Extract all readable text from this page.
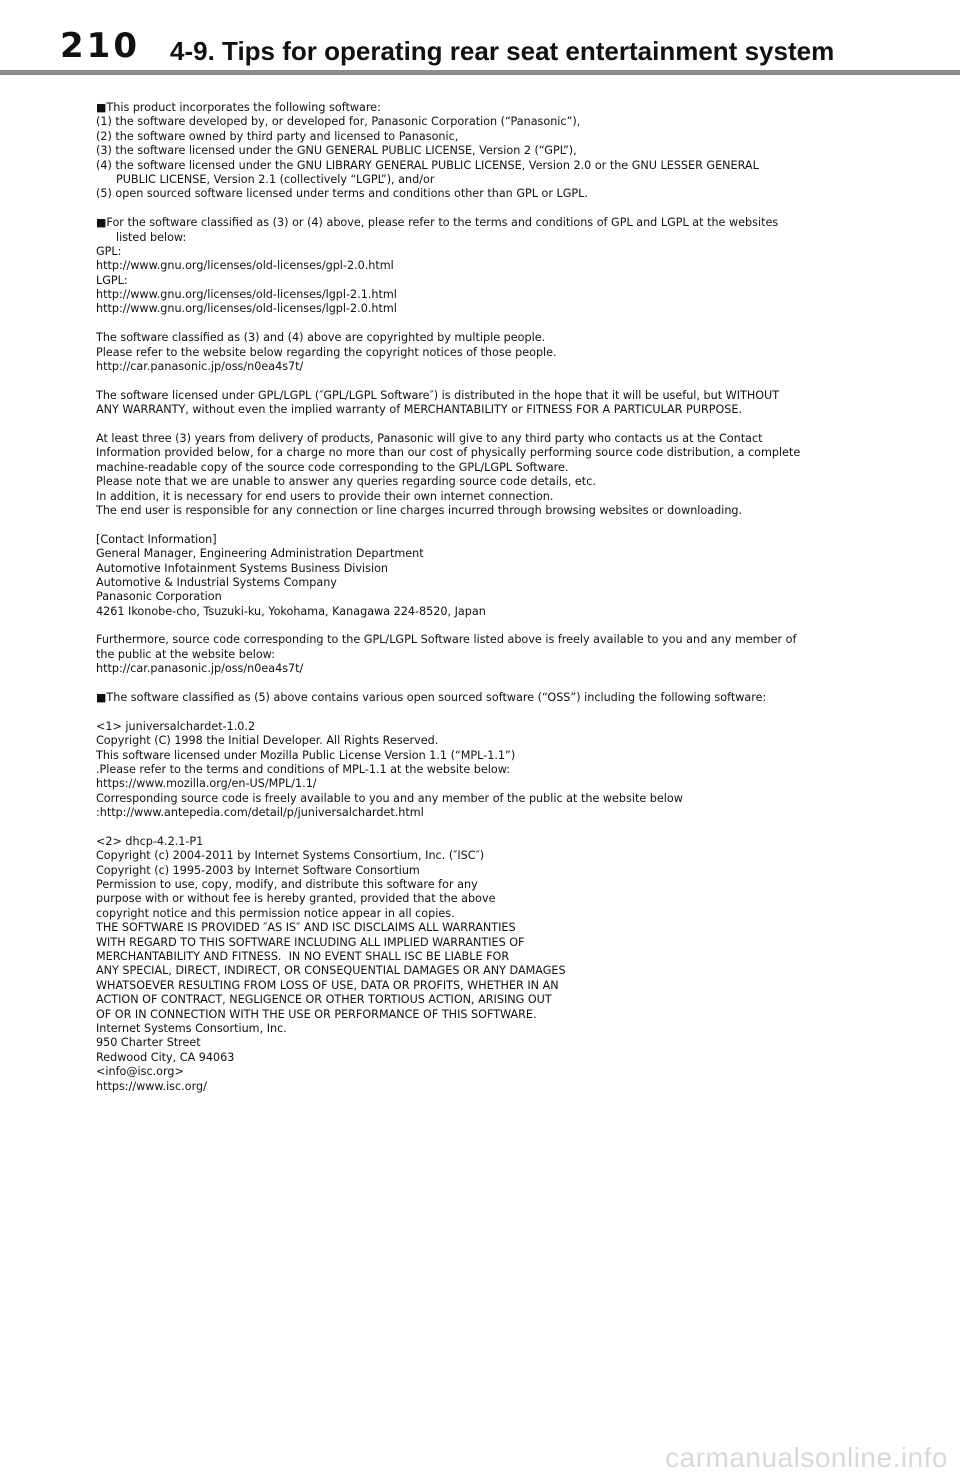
210 4-9. Tips for operating rear seat entertainment system
■This product incorporates the following software:
(1) the software developed by, or developed for, Panasonic Corporation (“Panasonic”),
(2) the software owned by third party and licensed to Panasonic,
(3) the software licensed under the GNU GENERAL PUBLIC LICENSE, Version 2 (“GPL”),
(4) the software licensed under the GNU LIBRARY GENERAL PUBLIC LICENSE, Version 2.0 or the GNU LESSER GENERAL
PUBLIC LICENSE, Version 2.1 (collectively “LGPL”), and/or
(5) open sourced software licensed under terms and conditions other than GPL or LGPL.
■For the software classified as (3) or (4) above, please refer to the terms and conditions of GPL and LGPL at the websites
listed below:
GPL:
http://www.gnu.org/licenses/old-licenses/gpl-2.0.html
LGPL:
http://www.gnu.org/licenses/old-licenses/lgpl-2.1.html
http://www.gnu.org/licenses/old-licenses/lgpl-2.0.html
The software classified as (3) and (4) above are copyrighted by multiple people.
Please refer to the website below regarding the copyright notices of those people.
http://car.panasonic.jp/oss/n0ea4s7t/
The software licensed under GPL/LGPL (″GPL/LGPL Software″) is distributed in the hope that it will be useful, but WITHOUT
ANY WARRANTY, without even the implied warranty of MERCHANTABILITY or FITNESS FOR A PARTICULAR PURPOSE.
At least three (3) years from delivery of products, Panasonic will give to any third party who contacts us at the Contact
Information provided below, for a charge no more than our cost of physically performing source code distribution, a complete
machine-readable copy of the source code corresponding to the GPL/LGPL Software.
Please note that we are unable to answer any queries regarding source code details, etc.
In addition, it is necessary for end users to provide their own internet connection.
The end user is responsible for any connection or line charges incurred through browsing websites or downloading.
[Contact Information]
General Manager, Engineering Administration Department
Automotive Infotainment Systems Business Division
Automotive & Industrial Systems Company
Panasonic Corporation
4261 Ikonobe-cho, Tsuzuki-ku, Yokohama, Kanagawa 224-8520, Japan
Furthermore, source code corresponding to the GPL/LGPL Software listed above is freely available to you and any member of
the public at the website below:
http://car.panasonic.jp/oss/n0ea4s7t/
■The software classified as (5) above contains various open sourced software (“OSS”) including the following software:
<1> juniversalchardet-1.0.2
Copyright (C) 1998 the Initial Developer. All Rights Reserved.
This software licensed under Mozilla Public License Version 1.1 (“MPL-1.1”)
.Please refer to the terms and conditions of MPL-1.1 at the website below:
https://www.mozilla.org/en-US/MPL/1.1/
Corresponding source code is freely available to you and any member of the public at the website below
:http://www.antepedia.com/detail/p/juniversalchardet.html
<2> dhcp-4.2.1-P1
Copyright (c) 2004-2011 by Internet Systems Consortium, Inc. (″ISC″)
Copyright (c) 1995-2003 by Internet Software Consortium
Permission to use, copy, modify, and distribute this software for any
purpose with or without fee is hereby granted, provided that the above
copyright notice and this permission notice appear in all copies.
THE SOFTWARE IS PROVIDED ″AS IS″ AND ISC DISCLAIMS ALL WARRANTIES
WITH REGARD TO THIS SOFTWARE INCLUDING ALL IMPLIED WARRANTIES OF
MERCHANTABILITY AND FITNESS.  IN NO EVENT SHALL ISC BE LIABLE FOR
ANY SPECIAL, DIRECT, INDIRECT, OR CONSEQUENTIAL DAMAGES OR ANY DAMAGES
WHATSOEVER RESULTING FROM LOSS OF USE, DATA OR PROFITS, WHETHER IN AN
ACTION OF CONTRACT, NEGLIGENCE OR OTHER TORTIOUS ACTION, ARISING OUT
OF OR IN CONNECTION WITH THE USE OR PERFORMANCE OF THIS SOFTWARE.
Internet Systems Consortium, Inc.
950 Charter Street
Redwood City, CA 94063
<info@isc.org>
https://www.isc.org/
carmanualsonline.info
